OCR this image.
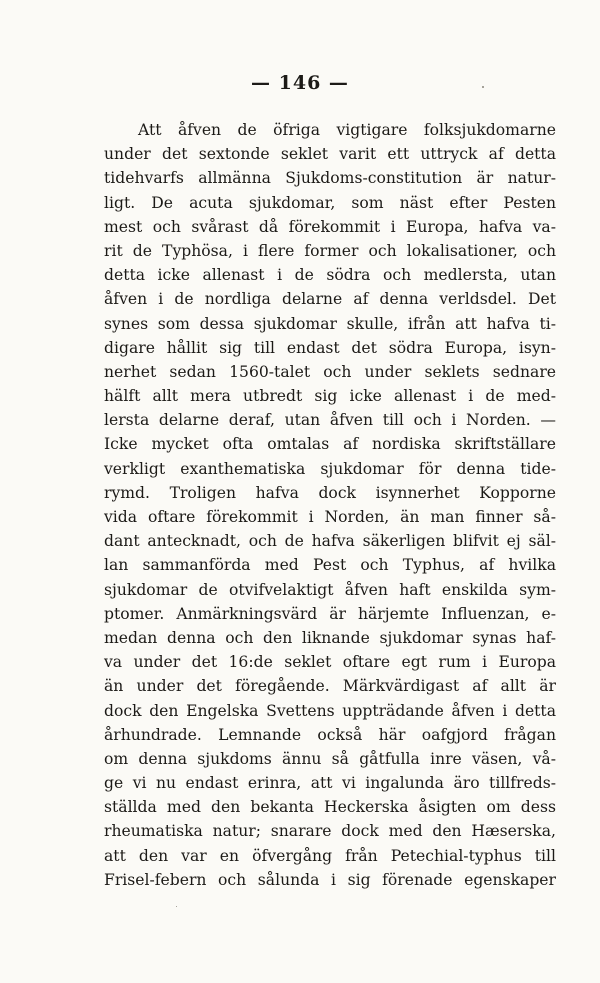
— 146 —
Att åfven de öfriga vigtigare folksjukdomarne
under det sextonde seklet varit ett uttryck af detta
tidehvarfs allmänna Sjukdoms-constitution är natur-
ligt. De acuta sjukdomar, som näst efter Pesten
mest och svårast då förekommit i Europa, hafva va-
rit de Typhösa, i flere former och lokalisationer, och
detta icke allenast i de södra och medlersta, utan
åfven i de nordliga delarne af denna verldsdel. Det
synes som dessa sjukdomar skulle, ifrån att hafva ti-
digare hållit sig till endast det södra Europa, isyn-
nerhet sedan 1560-talet och under seklets sednare
hälft allt mera utbredt sig icke allenast i de med-
lersta delarne deraf, utan åfven till och i Norden. —
Icke mycket ofta omtalas af nordiska skriftställare
verkligt exanthematiska sjukdomar för denna tide-
rymd. Troligen hafva dock isynnerhet Kopporne
vida oftare förekommit i Norden, än man finner så-
dant antecknadt, och de hafva säkerligen blifvit ej säl-
lan sammanförda med Pest och Typhus, af hvilka
sjukdomar de otvifvelaktigt åfven haft enskilda sym-
ptomer. Anmärkningsvärd är härjemte Influenzan, e-
medan denna och den liknande sjukdomar synas haf-
va under det 16:de seklet oftare egt rum i Europa
än under det föregående. Märkvärdigast af allt är
dock den Engelska Svettens uppträdande åfven i detta
århundrade. Lemnande också här oafgjord frågan
om denna sjukdoms ännu så gåtfulla inre väsen, vå-
ge vi nu endast erinra, att vi ingalunda äro tillfreds-
ställda med den bekanta Heckerska åsigten om dess
rheumatiska natur; snarare dock med den Hæserska,
att den var en öfvergång från Petechial-typhus till
Frisel-febern och sålunda i sig förenade egenskaper
